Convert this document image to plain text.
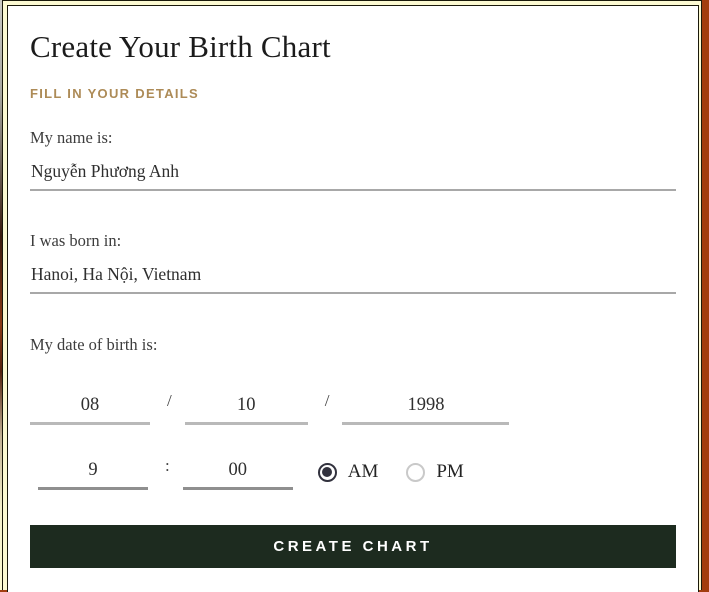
Create Your Birth Chart
FILL IN YOUR DETAILS
My name is:
Nguyễn Phương Anh
I was born in:
Hanoi, Ha Nội, Vietnam
My date of birth is:
08
/
10	/
1998
9
:
00	AM	PM
CREATE CHART
